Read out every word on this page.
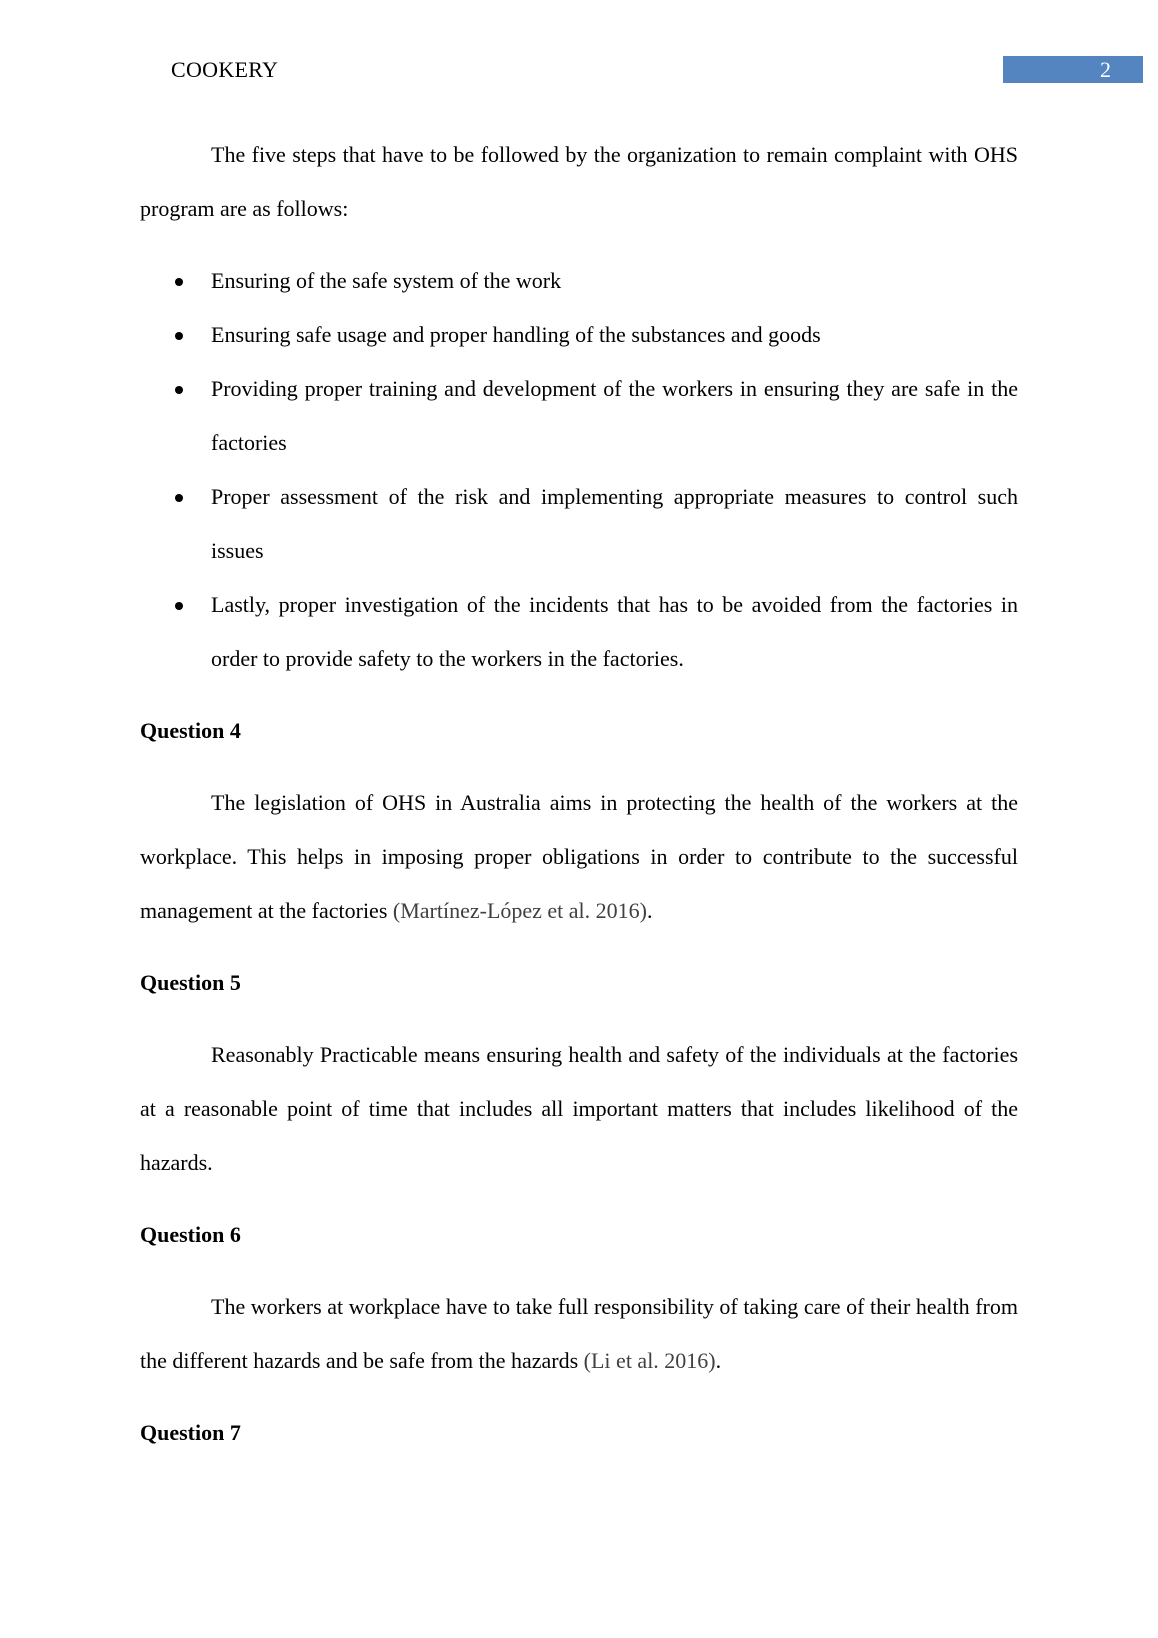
COOKERY	2

The five steps that have to be followed by the organization to remain complaint with OHS program are as follows:

Ensuring of the safe system of the work
Ensuring safe usage and proper handling of the substances and goods
Providing proper training and development of the workers in ensuring they are safe in the factories
Proper assessment of the risk and implementing appropriate measures to control such issues
Lastly, proper investigation of the incidents that has to be avoided from the factories in order to provide safety to the workers in the factories.
Question 4

The legislation of OHS in Australia aims in protecting the health of the workers at the workplace. This helps in imposing proper obligations in order to contribute to the successful management at the factories (Martínez-López et al. 2016).

Question 5

Reasonably Practicable means ensuring health and safety of the individuals at the factories at a reasonable point of time that includes all important matters that includes likelihood of the hazards.

Question 6

The workers at workplace have to take full responsibility of taking care of their health from the different hazards and be safe from the hazards (Li et al. 2016).

Question 7
